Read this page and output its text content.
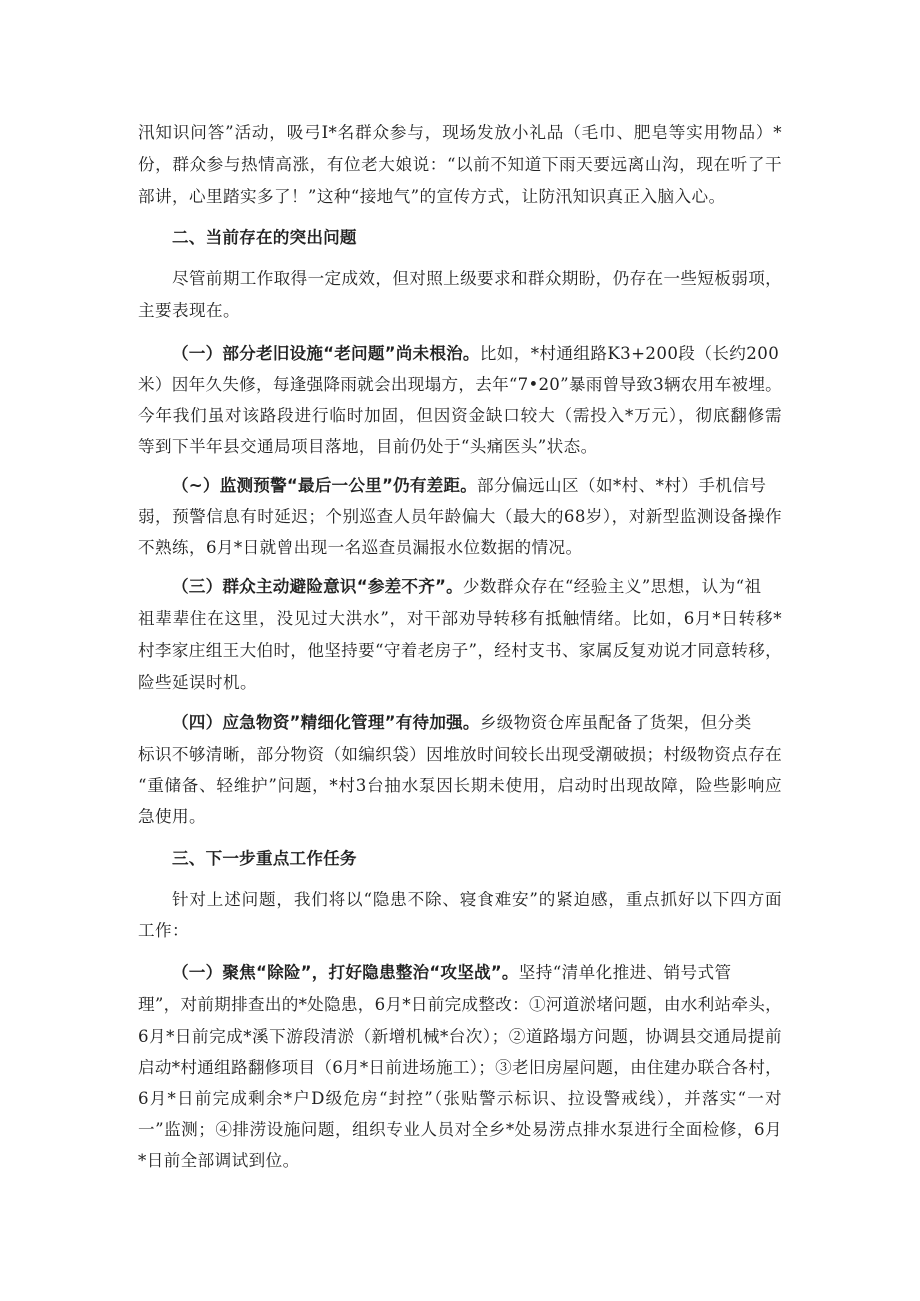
汛知识问答”活动，吸弓I*名群众参与，现场发放小礼品（毛巾、肥皂等实用物品）*
份，群众参与热情高涨，有位老大娘说：“以前不知道下雨天要远离山沟，现在听了干
部讲，心里踏实多了！”这种“接地气”的宣传方式，让防汛知识真正入脑入心。
二、当前存在的突出问题
尽管前期工作取得一定成效，但对照上级要求和群众期盼，仍存在一些短板弱项，
主要表现在。
（一）部分老旧设施“老问题”尚未根治。比如，*村通组路K3+200段（长约200
米）因年久失修，每逢强降雨就会出现塌方，去年“7•20”暴雨曾导致3辆农用车被埋。
今年我们虽对该路段进行临时加固，但因资金缺口较大（需投入*万元），彻底翻修需
等到下半年县交通局项目落地，目前仍处于“头痛医头”状态。
（~）监测预警“最后一公里”仍有差距。部分偏远山区（如*村、*村）手机信号
弱，预警信息有时延迟；个别巡查人员年龄偏大（最大的68岁），对新型监测设备操作
不熟练，6月*日就曾出现一名巡查员漏报水位数据的情况。
（三）群众主动避险意识“参差不齐”。少数群众存在“经验主义”思想，认为“祖
祖辈辈住在这里，没见过大洪水”，对干部劝导转移有抵触情绪。比如，6月*日转移*
村李家庄组王大伯时，他坚持要“守着老房子”，经村支书、家属反复劝说才同意转移，
险些延误时机。
（四）应急物资”精细化管理”有待加强。乡级物资仓库虽配备了货架，但分类
标识不够清晰，部分物资（如编织袋）因堆放时间较长出现受潮破损；村级物资点存在
“重储备、轻维护”问题，*村3台抽水泵因长期未使用，启动时出现故障，险些影响应
急使用。
三、下一步重点工作任务
针对上述问题，我们将以“隐患不除、寝食难安”的紧迫感，重点抓好以下四方面
工作：
（一）聚焦“除险”，打好隐患整治“攻坚战”。坚持“清单化推进、销号式管
理”，对前期排查出的*处隐患，6月*日前完成整改：①河道淤堵问题，由水利站牵头，
6月*日前完成*溪下游段清淤（新增机械*台次）；②道路塌方问题，协调县交通局提前
启动*村通组路翻修项目（6月*日前进场施工）；③老旧房屋问题，由住建办联合各村，
6月*日前完成剩余*户D级危房“封控”（张贴警示标识、拉设警戒线），并落实“一对
一”监测；④排涝设施问题，组织专业人员对全乡*处易涝点排水泵进行全面检修，6月
*日前全部调试到位。
